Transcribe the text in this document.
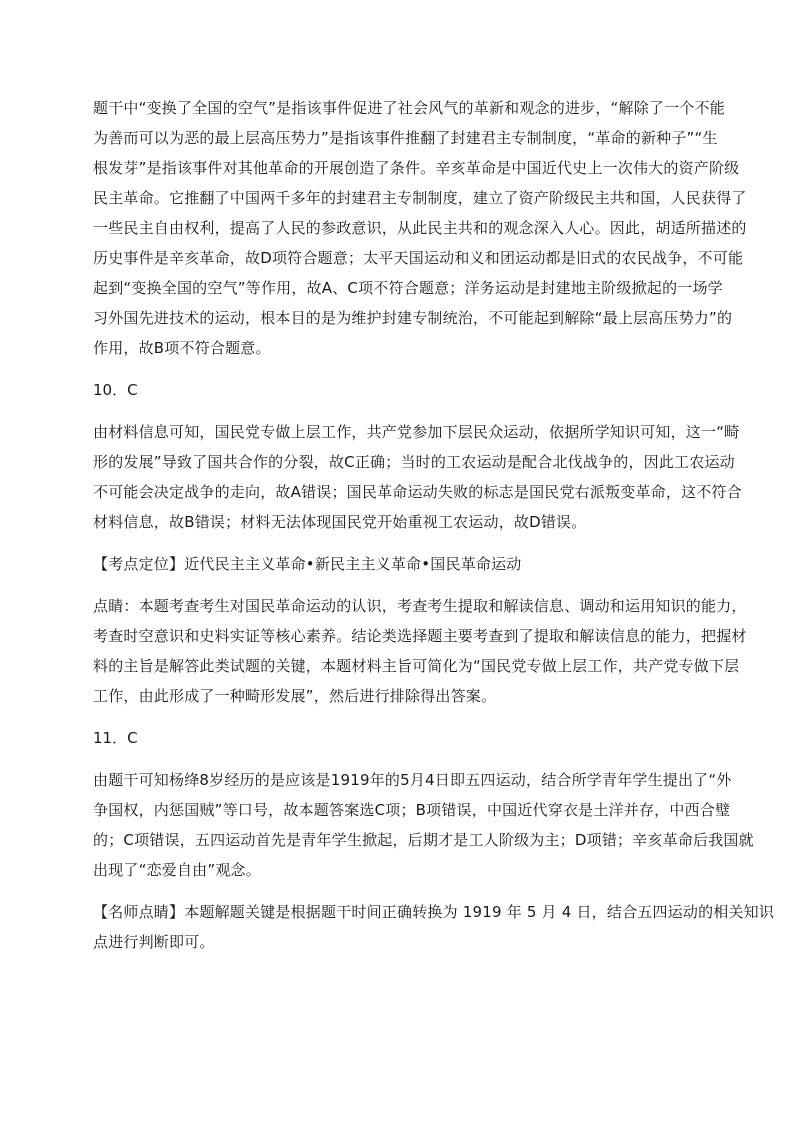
题干中“变换了全国的空气”是指该事件促进了社会风气的革新和观念的进步，“解除了一个不能
为善而可以为恶的最上层高压势力”是指该事件推翻了封建君主专制制度，“革命的新种子”“生
根发芽”是指该事件对其他革命的开展创造了条件。辛亥革命是中国近代史上一次伟大的资产阶级
民主革命。它推翻了中国两千多年的封建君主专制制度，建立了资产阶级民主共和国，人民获得了
一些民主自由权利，提高了人民的参政意识，从此民主共和的观念深入人心。因此，胡适所描述的
历史事件是辛亥革命，故D项符合题意；太平天国运动和义和团运动都是旧式的农民战争，不可能
起到“变换全国的空气”等作用，故A、C项不符合题意；洋务运动是封建地主阶级掀起的一场学
习外国先进技术的运动，根本目的是为维护封建专制统治，不可能起到解除“最上层高压势力”的
作用，故B项不符合题意。
10．C
由材料信息可知，国民党专做上层工作，共产党参加下层民众运动，依据所学知识可知，这一“畸
形的发展”导致了国共合作的分裂，故C正确；当时的工农运动是配合北伐战争的，因此工农运动
不可能会决定战争的走向，故A错误；国民革命运动失败的标志是国民党右派叛变革命，这不符合
材料信息，故B错误；材料无法体现国民党开始重视工农运动，故D错误。
【考点定位】近代民主主义革命•新民主主义革命•国民革命运动
点睛：本题考查考生对国民革命运动的认识，考查考生提取和解读信息、调动和运用知识的能力，
考查时空意识和史料实证等核心素养。结论类选择题主要考查到了提取和解读信息的能力，把握材
料的主旨是解答此类试题的关键，本题材料主旨可简化为“国民党专做上层工作，共产党专做下层
工作，由此形成了一种畸形发展”，然后进行排除得出答案。
11．C
由题干可知杨绛8岁经历的是应该是1919年的5月4日即五四运动，结合所学青年学生提出了“外
争国权，内惩国贼”等口号，故本题答案选C项；B项错误，中国近代穿衣是土洋并存，中西合璧
的；C项错误，五四运动首先是青年学生掀起，后期才是工人阶级为主；D项错；辛亥革命后我国就
出现了“恋爱自由”观念。
【名师点睛】本题解题关键是根据题干时间正确转换为 1919 年 5 月 4 日，结合五四运动的相关知识
点进行判断即可。
